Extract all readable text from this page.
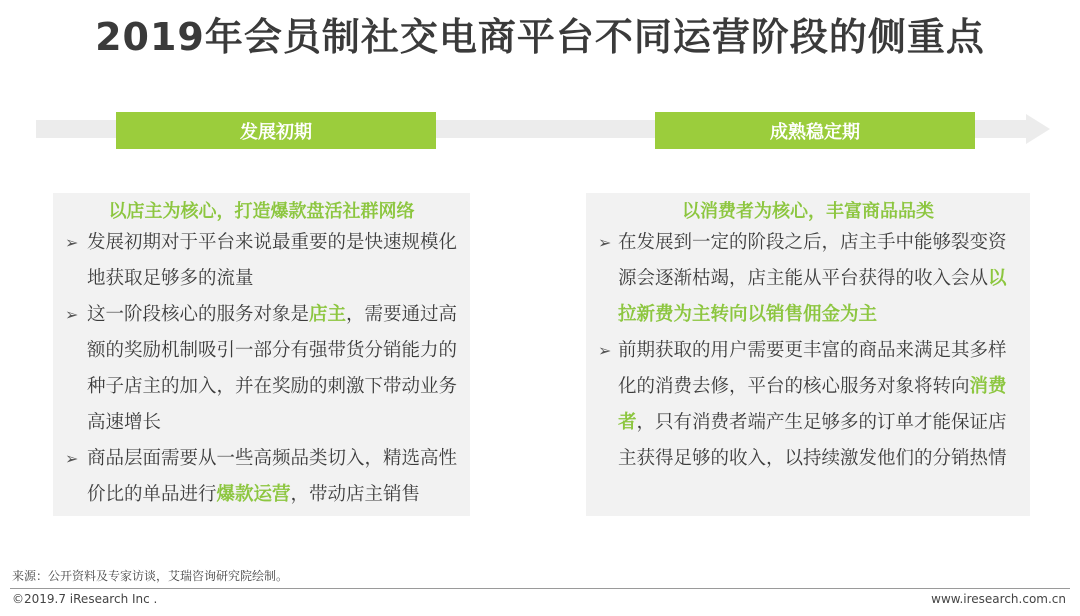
2019年会员制社交电商平台不同运营阶段的侧重点
发展初期	成熟稳定期
以店主为核心，打造爆款盘活社群网络
➢ 发展初期对于平台来说最重要的是快速规模化地获取足够多的流量
➢ 这一阶段核心的服务对象是店主，需要通过高额的奖励机制吸引一部分有强带货分销能力的种子店主的加入，并在奖励的刺激下带动业务高速增长
➢ 商品层面需要从一些高频品类切入，精选高性价比的单品进行爆款运营，带动店主销售
以消费者为核心，丰富商品品类
➢ 在发展到一定的阶段之后，店主手中能够裂变资源会逐渐枯竭，店主能从平台获得的收入会从以拉新费为主转向以销售佣金为主
➢ 前期获取的用户需要更丰富的商品来满足其多样化的消费去修，平台的核心服务对象将转向消费者，只有消费者端产生足够多的订单才能保证店主获得足够的收入，以持续激发他们的分销热情
来源：公开资料及专家访谈，艾瑞咨询研究院绘制。
©2019.7 iResearch Inc .	www.iresearch.com.cn
